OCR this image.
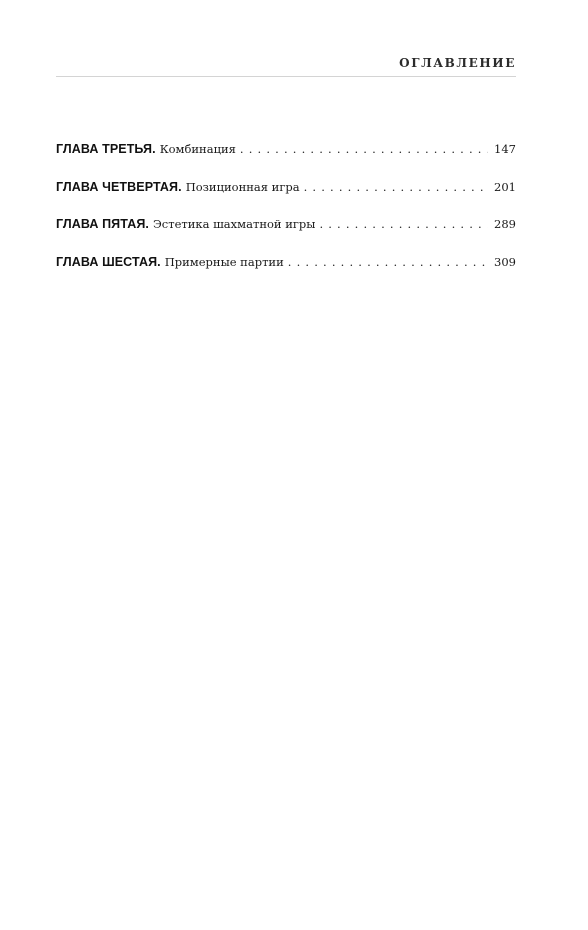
ОГЛАВЛЕНИЕ
ГЛАВА ТРЕТЬЯ. Комбинация . . .	147
ГЛАВА ЧЕТВЕРТАЯ. Позиционная игра . . .	201
ГЛАВА ПЯТАЯ. Эстетика шахматной игры . . .	289
ГЛАВА ШЕСТАЯ. Примерные партии . . .	309
